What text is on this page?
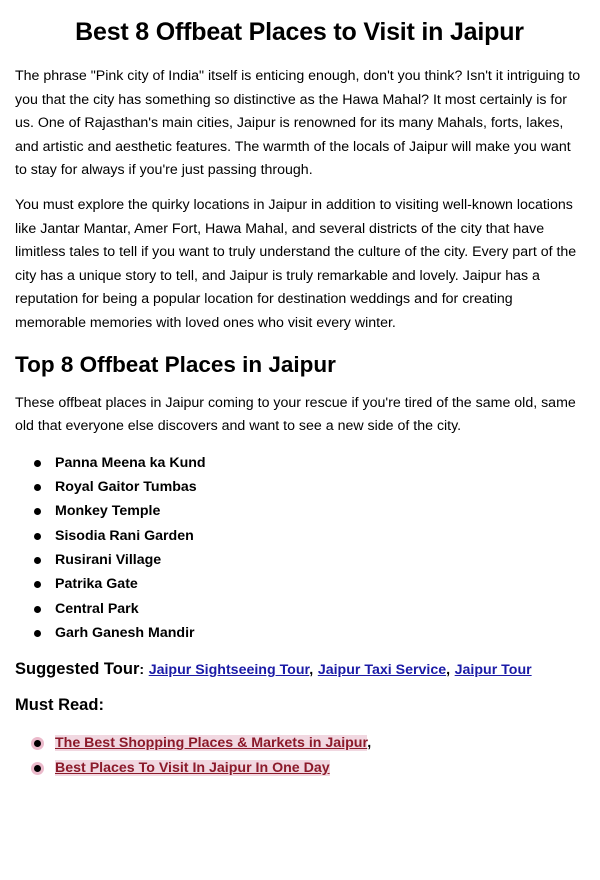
Best 8 Offbeat Places to Visit in Jaipur

The phrase "Pink city of India" itself is enticing enough, don't you think? Isn't it intriguing to you that the city has something so distinctive as the Hawa Mahal? It most certainly is for us. One of Rajasthan's main cities, Jaipur is renowned for its many Mahals, forts, lakes, and artistic and aesthetic features. The warmth of the locals of Jaipur will make you want to stay for always if you're just passing through.

You must explore the quirky locations in Jaipur in addition to visiting well-known locations like Jantar Mantar, Amer Fort, Hawa Mahal, and several districts of the city that have limitless tales to tell if you want to truly understand the culture of the city. Every part of the city has a unique story to tell, and Jaipur is truly remarkable and lovely. Jaipur has a reputation for being a popular location for destination weddings and for creating memorable memories with loved ones who visit every winter.

Top 8 Offbeat Places in Jaipur

These offbeat places in Jaipur coming to your rescue if you're tired of the same old, same old that everyone else discovers and want to see a new side of the city.

Panna Meena ka Kund
Royal Gaitor Tumbas
Monkey Temple
Sisodia Rani Garden
Rusirani Village
Patrika Gate
Central Park
Garh Ganesh Mandir
Suggested Tour: Jaipur Sightseeing Tour, Jaipur Taxi Service, Jaipur Tour
Must Read:
The Best Shopping Places & Markets in Jaipur,
Best Places To Visit In Jaipur In One Day
